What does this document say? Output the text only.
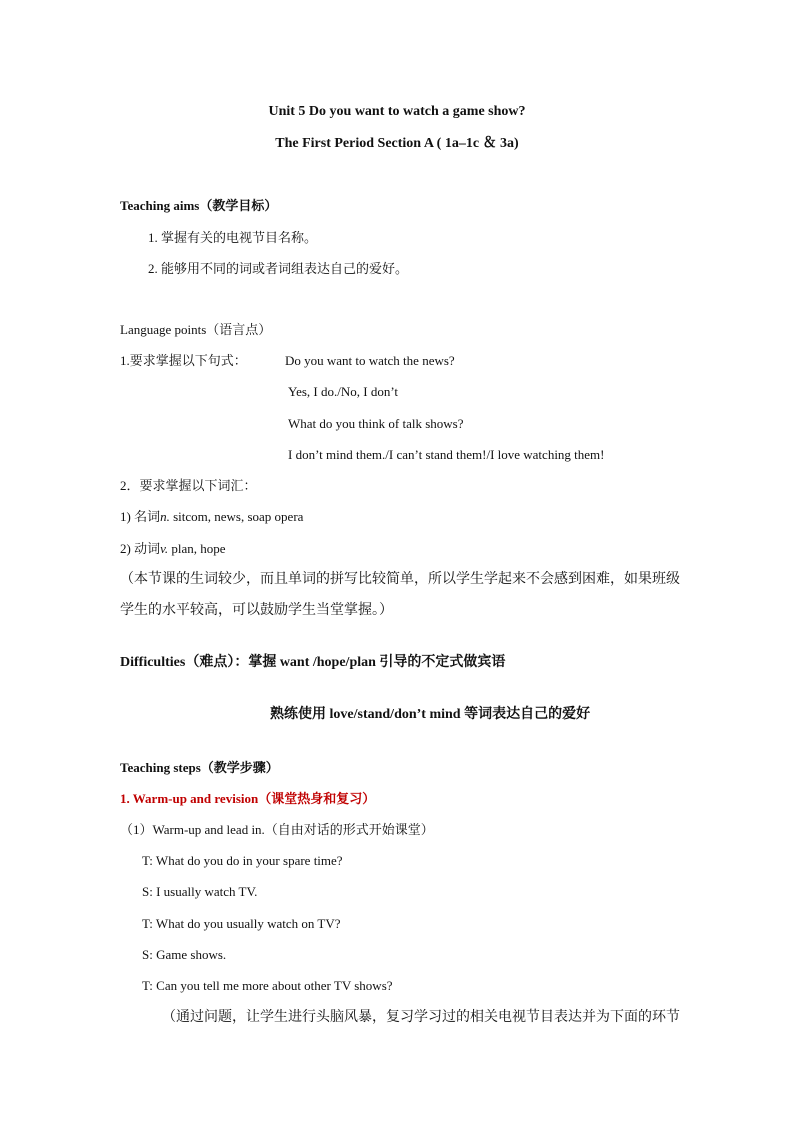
Unit 5 Do you want to watch a game show?
The First Period Section A ( 1a–1c ＆ 3a)
Teaching aims（教学目标）
1. 掌握有关的电视节目名称。
2. 能够用不同的词或者词组表达自己的爱好。
Language points（语言点）
1.要求掌握以下句式：	Do you want to watch the news?
Yes, I do./No, I don’t
What do you think of talk shows?
I don’t mind them./I can’t stand them!/I love watching them!
2．要求掌握以下词汇：
1) 名词n. sitcom, news, soap opera
2) 动词v. plan, hope
（本节课的生词较少，而且单词的拼写比较简单，所以学生学起来不会感到困难，如果班级
学生的水平较高，可以鼓励学生当堂掌握。）
Difficulties（难点）：掌握 want /hope/plan 引导的不定式做宾语
熟练使用 love/stand/don’t mind 等词表达自己的爱好
Teaching steps（教学步骤）
1. Warm-up and revision（课堂热身和复习）
（1）Warm-up and lead in.（自由对话的形式开始课堂）
T: What do you do in your spare time?
S: I usually watch TV.
T: What do you usually watch on TV?
S: Game shows.
T: Can you tell me more about other TV shows?
（通过问题，让学生进行头脑风暴，复习学习过的相关电视节目表达并为下面的环节
